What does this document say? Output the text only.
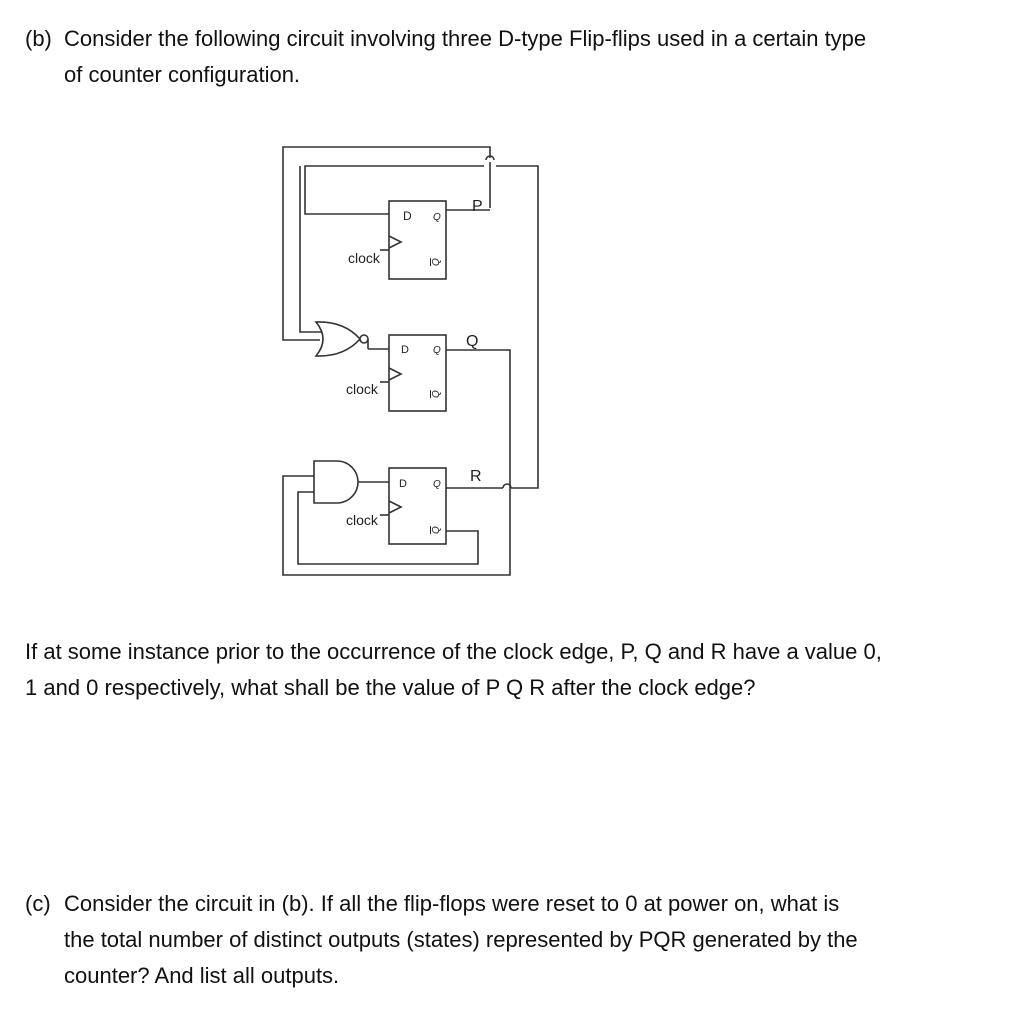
(b) Consider the following circuit involving three D-type Flip-flips used in a certain type
of counter configuration.
D Q
Q
clock
P
D Q
Q
clock
Q
D	Q
Q
clock
R
If at some instance prior to the occurrence of the clock edge, P, Q and R have a value 0,
1 and 0 respectively, what shall be the value of P Q R after the clock edge?
(c) Consider the circuit in (b). If all the flip-flops were reset to 0 at power on, what is
the total number of distinct outputs (states) represented by PQR generated by the
counter? And list all outputs.
